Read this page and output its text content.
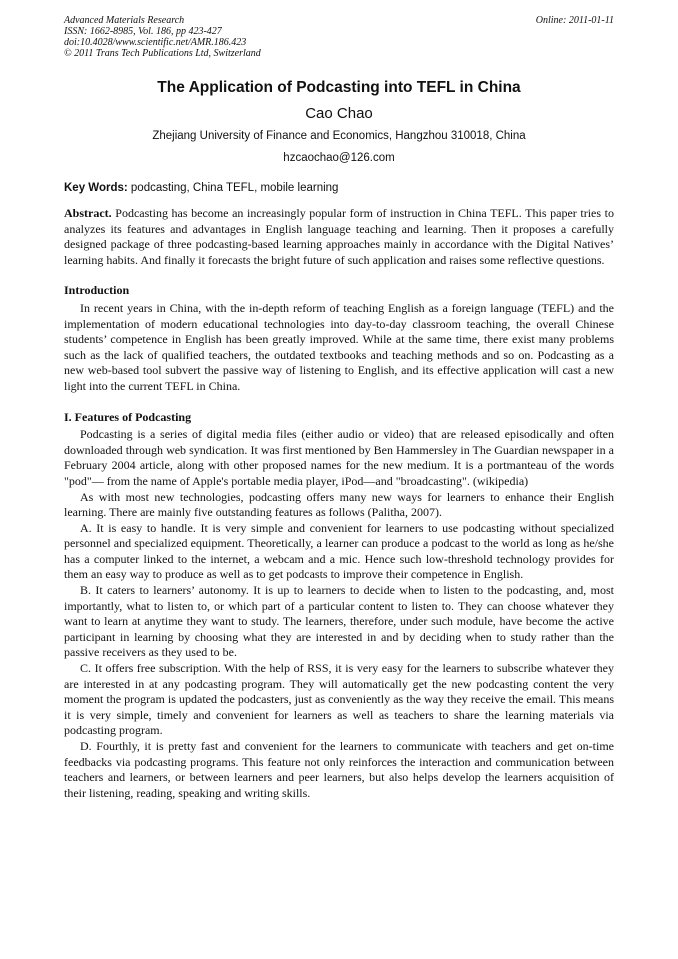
Advanced Materials Research
ISSN: 1662-8985, Vol. 186, pp 423-427
doi:10.4028/www.scientific.net/AMR.186.423
© 2011 Trans Tech Publications Ltd, Switzerland
Online: 2011-01-11
The Application of Podcasting into TEFL in China
Cao Chao
Zhejiang University of Finance and Economics, Hangzhou 310018, China
hzcaochao@126.com
Key Words: podcasting, China TEFL, mobile learning
Abstract. Podcasting has become an increasingly popular form of instruction in China TEFL. This paper tries to analyzes its features and advantages in English language teaching and learning. Then it proposes a carefully designed package of three podcasting-based learning approaches mainly in accordance with the Digital Natives’ learning habits. And finally it forecasts the bright future of such application and raises some reflective questions.
Introduction

In recent years in China, with the in-depth reform of teaching English as a foreign language (TEFL) and the implementation of modern educational technologies into day-to-day classroom teaching, the overall Chinese students’ competence in English has been greatly improved. While at the same time, there exist many problems such as the lack of qualified teachers, the outdated textbooks and teaching methods and so on. Podcasting as a new web-based tool subvert the passive way of listening to English, and its effective application will cast a new light into the current TEFL in China.

I. Features of Podcasting

Podcasting is a series of digital media files (either audio or video) that are released episodically and often downloaded through web syndication. It was first mentioned by Ben Hammersley in The Guardian newspaper in a February 2004 article, along with other proposed names for the new medium. It is a portmanteau of the words "pod"— from the name of Apple's portable media player, iPod—and "broadcasting". (wikipedia)

As with most new technologies, podcasting offers many new ways for learners to enhance their English learning. There are mainly five outstanding features as follows (Palitha, 2007).

A. It is easy to handle. It is very simple and convenient for learners to use podcasting without specialized personnel and specialized equipment. Theoretically, a learner can produce a podcast to the world as long as he/she has a computer linked to the internet, a webcam and a mic. Hence such low-threshold technology provides for them an easy way to produce as well as to get podcasts to improve their competence in English.

B. It caters to learners’ autonomy. It is up to learners to decide when to listen to the podcasting, and, most importantly, what to listen to, or which part of a particular content to listen to. They can choose whatever they want to learn at anytime they want to study. The learners, therefore, under such module, have become the active participant in learning by choosing what they are interested in and by deciding when to study rather than the passive receivers as they used to be.

C. It offers free subscription. With the help of RSS, it is very easy for the learners to subscribe whatever they are interested in at any podcasting program. They will automatically get the new podcasting content the very moment the program is updated the podcasters, just as conveniently as the way they receive the email. This means it is very simple, timely and convenient for learners as well as teachers to share the learning materials via podcasting program.

D. Fourthly, it is pretty fast and convenient for the learners to communicate with teachers and get on-time feedbacks via podcasting programs. This feature not only reinforces the interaction and communication between teachers and learners, or between learners and peer learners, but also helps develop the learners acquisition of their listening, reading, speaking and writing skills.
